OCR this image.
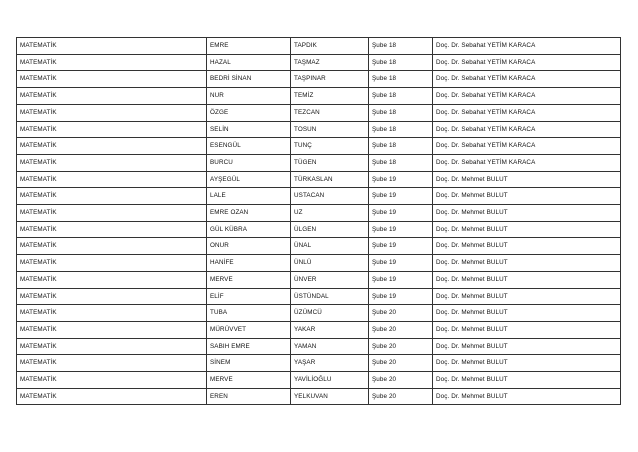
MATEMATİK	EMRE	TAPDIK	Şube 18	Doç. Dr. Sebahat YETİM KARACA
MATEMATİK	HAZAL	TAŞMAZ	Şube 18	Doç. Dr. Sebahat YETİM KARACA
MATEMATİK	BEDRİ SİNAN	TAŞPINAR	Şube 18	Doç. Dr. Sebahat YETİM KARACA
MATEMATİK	NUR	TEMİZ	Şube 18	Doç. Dr. Sebahat YETİM KARACA
MATEMATİK	ÖZGE	TEZCAN	Şube 18	Doç. Dr. Sebahat YETİM KARACA
MATEMATİK	SELİN	TOSUN	Şube 18	Doç. Dr. Sebahat YETİM KARACA
MATEMATİK	ESENGÜL	TUNÇ	Şube 18	Doç. Dr. Sebahat YETİM KARACA
MATEMATİK	BURCU	TÜGEN	Şube 18	Doç. Dr. Sebahat YETİM KARACA
MATEMATİK	AYŞEGÜL	TÜRKASLAN	Şube 19	Doç. Dr. Mehmet BULUT
MATEMATİK	LALE	USTACAN	Şube 19	Doç. Dr. Mehmet BULUT
MATEMATİK	EMRE OZAN	UZ	Şube 19	Doç. Dr. Mehmet BULUT
MATEMATİK	GÜL KÜBRA	ÜLGEN	Şube 19	Doç. Dr. Mehmet BULUT
MATEMATİK	ONUR	ÜNAL	Şube 19	Doç. Dr. Mehmet BULUT
MATEMATİK	HANİFE	ÜNLÜ	Şube 19	Doç. Dr. Mehmet BULUT
MATEMATİK	MERVE	ÜNVER	Şube 19	Doç. Dr. Mehmet BULUT
MATEMATİK	ELİF	ÜSTÜNDAL	Şube 19	Doç. Dr. Mehmet BULUT
MATEMATİK	TUBA	ÜZÜMCÜ	Şube 20	Doç. Dr. Mehmet BULUT
MATEMATİK	MÜRÜVVET	YAKAR	Şube 20	Doç. Dr. Mehmet BULUT
MATEMATİK	SABIH EMRE	YAMAN	Şube 20	Doç. Dr. Mehmet BULUT
MATEMATİK	SİNEM	YAŞAR	Şube 20	Doç. Dr. Mehmet BULUT
MATEMATİK	MERVE	YAVİLİOĞLU	Şube 20	Doç. Dr. Mehmet BULUT
MATEMATİK	EREN	YELKUVAN	Şube 20	Doç. Dr. Mehmet BULUT
